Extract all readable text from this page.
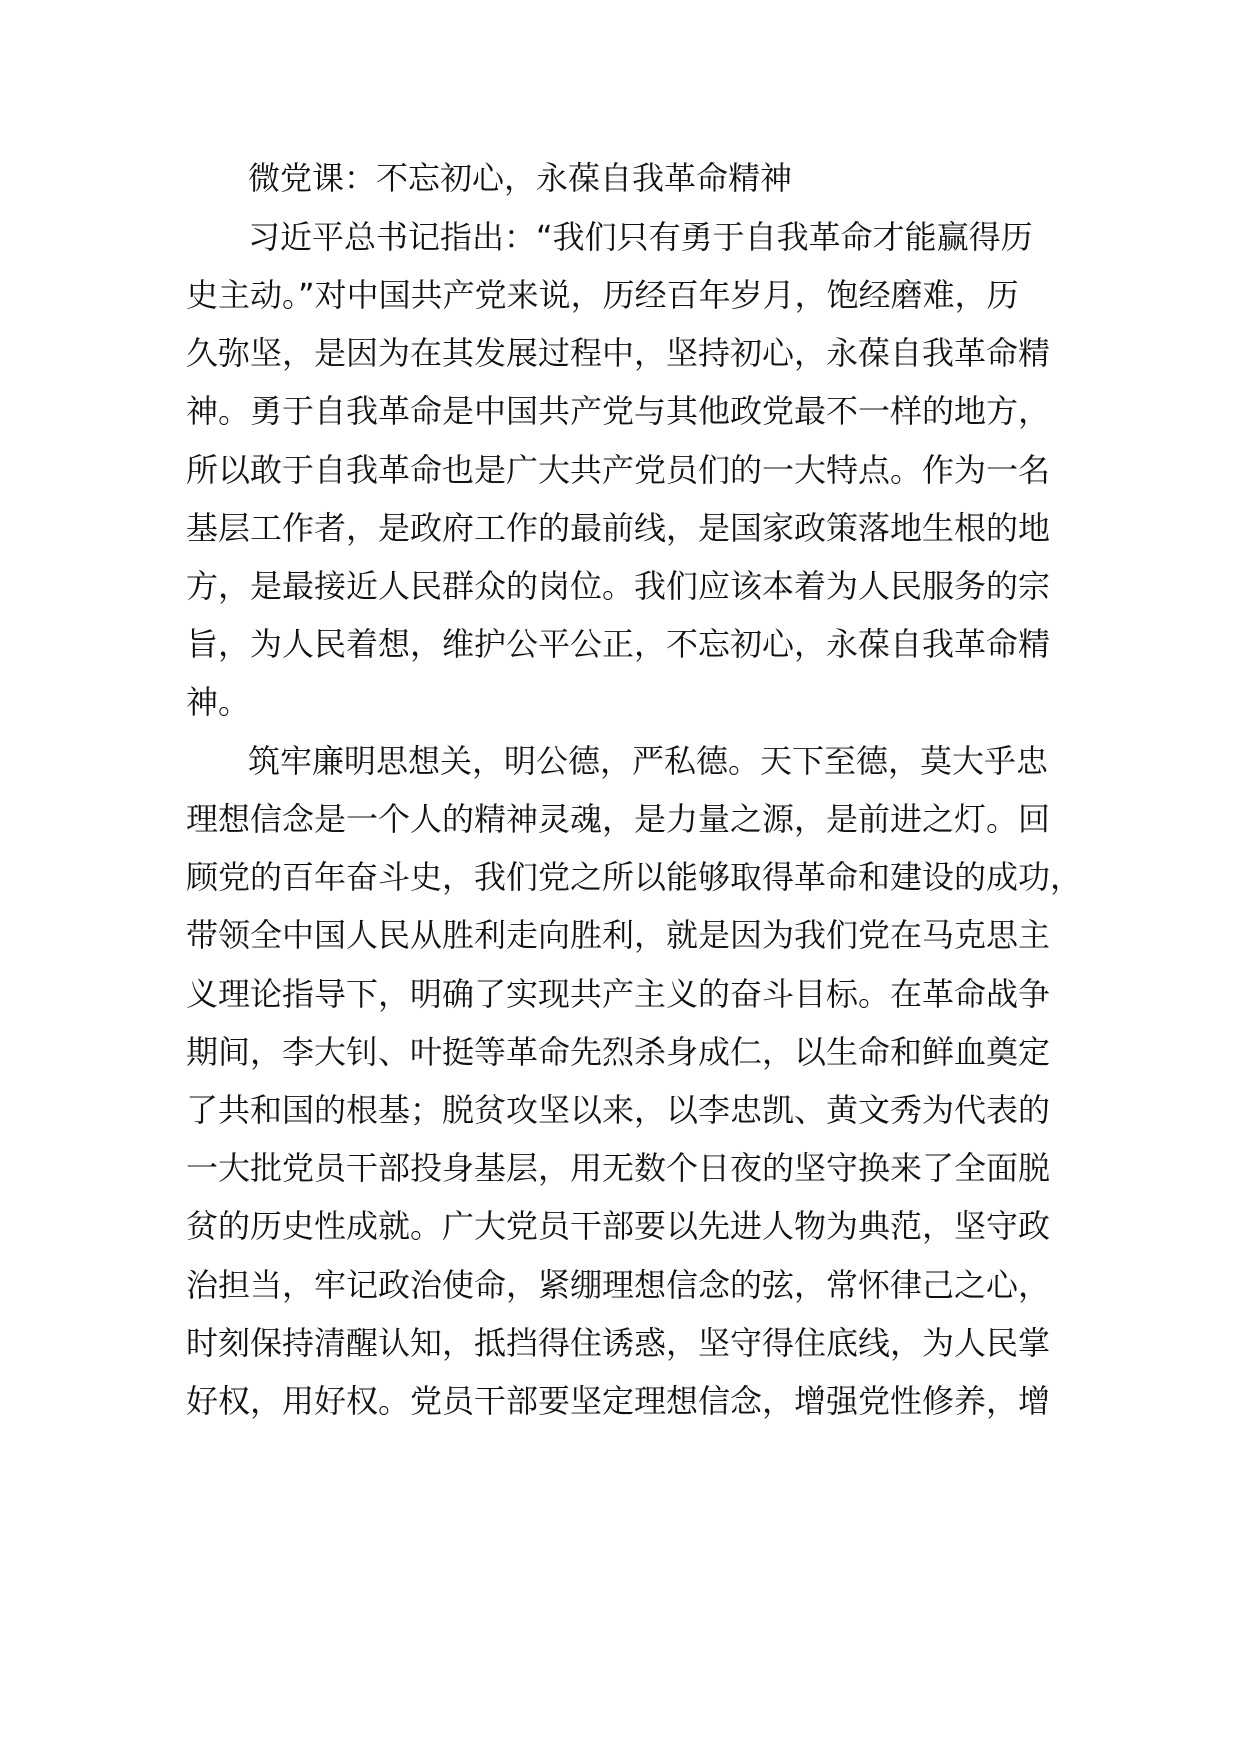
微党课：不忘初心，永葆自我革命精神
习近平总书记指出：“我们只有勇于自我革命才能赢得历
史主动。”对中国共产党来说，历经百年岁月，饱经磨难，历
久弥坚，是因为在其发展过程中，坚持初心，永葆自我革命精
神。勇于自我革命是中国共产党与其他政党最不一样的地方，
所以敢于自我革命也是广大共产党员们的一大特点。作为一名
基层工作者，是政府工作的最前线，是国家政策落地生根的地
方，是最接近人民群众的岗位。我们应该本着为人民服务的宗
旨，为人民着想，维护公平公正，不忘初心，永葆自我革命精
神。
筑牢廉明思想关，明公德，严私德。天下至德，莫大乎忠
理想信念是一个人的精神灵魂，是力量之源，是前进之灯。回
顾党的百年奋斗史，我们党之所以能够取得革命和建设的成功，
带领全中国人民从胜利走向胜利，就是因为我们党在马克思主
义理论指导下，明确了实现共产主义的奋斗目标。在革命战争
期间，李大钊、叶挺等革命先烈杀身成仁，以生命和鲜血奠定
了共和国的根基；脱贫攻坚以来，以李忠凯、黄文秀为代表的
一大批党员干部投身基层，用无数个日夜的坚守换来了全面脱
贫的历史性成就。广大党员干部要以先进人物为典范，坚守政
治担当，牢记政治使命，紧绷理想信念的弦，常怀律己之心，
时刻保持清醒认知，抵挡得住诱惑，坚守得住底线，为人民掌
好权，用好权。党员干部要坚定理想信念，增强党性修养，增
